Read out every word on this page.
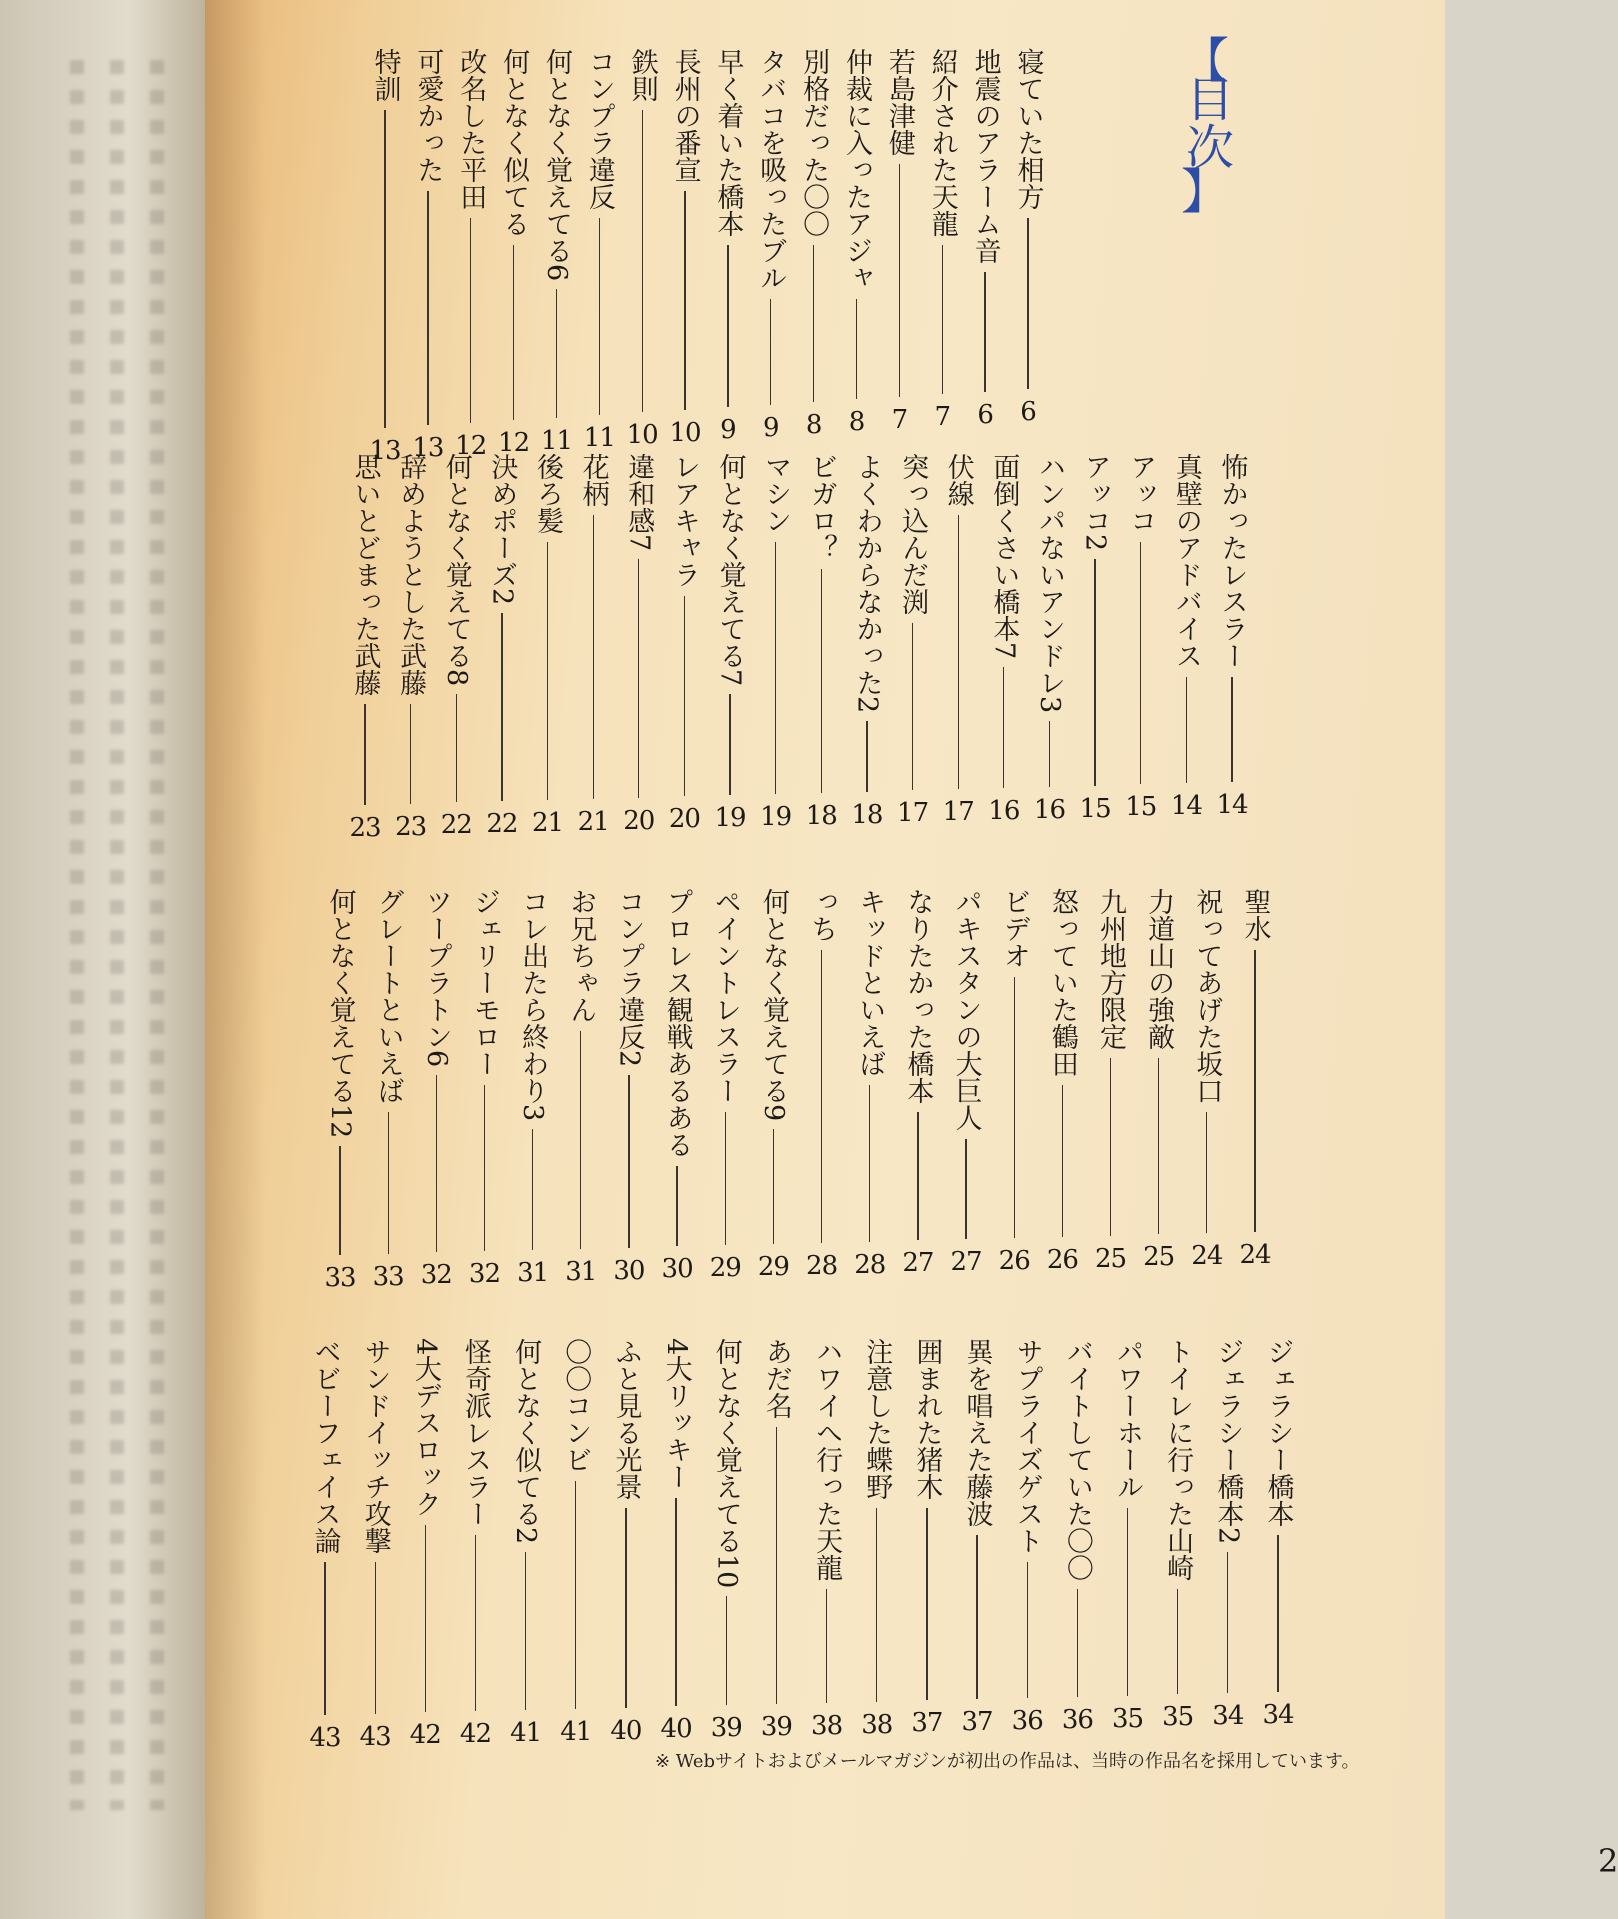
【
目次
】
寝ていた相方
6
地震のアラーム音
6
紹介された天龍
7
若島津健
7
仲裁に入ったアジャ
8
別格だった〇〇
8
タバコを吸ったブル
9
早く着いた橋本
9
長州の番宣
10
鉄則
10
コンプラ違反
11
何となく覚えてる6
11
何となく似てる
12
改名した平田
12
可愛かった
13
特訓
13
怖かったレスラー
14
真壁のアドバイス
14
アッコ
15
アッコ2
15
ハンパないアンドレ3
16
面倒くさい橋本7
16
伏線
17
突っ込んだ渕
17
よくわからなかった2
18
ビガロ？
18
マシン
19
何となく覚えてる7
19
レアキャラ
20
違和感7
20
花柄
21
後ろ髪
21
決めポーズ2
22
何となく覚えてる8
22
辞めようとした武藤
23
思いとどまった武藤
23
聖水
24
祝ってあげた坂口
24
力道山の強敵
25
九州地方限定
25
怒っていた鶴田
26
ビデオ
26
パキスタンの大巨人
27
なりたかった橋本
27
キッドといえば
28
っち
28
何となく覚えてる9
29
ペイントレスラー
29
プロレス観戦あるある
30
コンプラ違反2
30
お兄ちゃん
31
コレ出たら終わり3
31
ジェリーモロー
32
ツープラトン6
32
グレートといえば
33
何となく覚えてる12
33
ジェラシー橋本
34
ジェラシー橋本2
34
トイレに行った山崎
35
パワーホール
35
バイトしていた〇〇
36
サプライズゲスト
36
異を唱えた藤波
37
囲まれた猪木
37
注意した蝶野
38
ハワイへ行った天龍
38
あだ名
39
何となく覚えてる10
39
4大リッキー
40
ふと見る光景
40
〇〇コンビ
41
何となく似てる2
41
怪奇派レスラー
42
4大デスロック
42
サンドイッチ攻撃
43
ベビーフェイス論
43
※ Webサイトおよびメールマガジンが初出の作品は、当時の作品名を採用しています。
2
